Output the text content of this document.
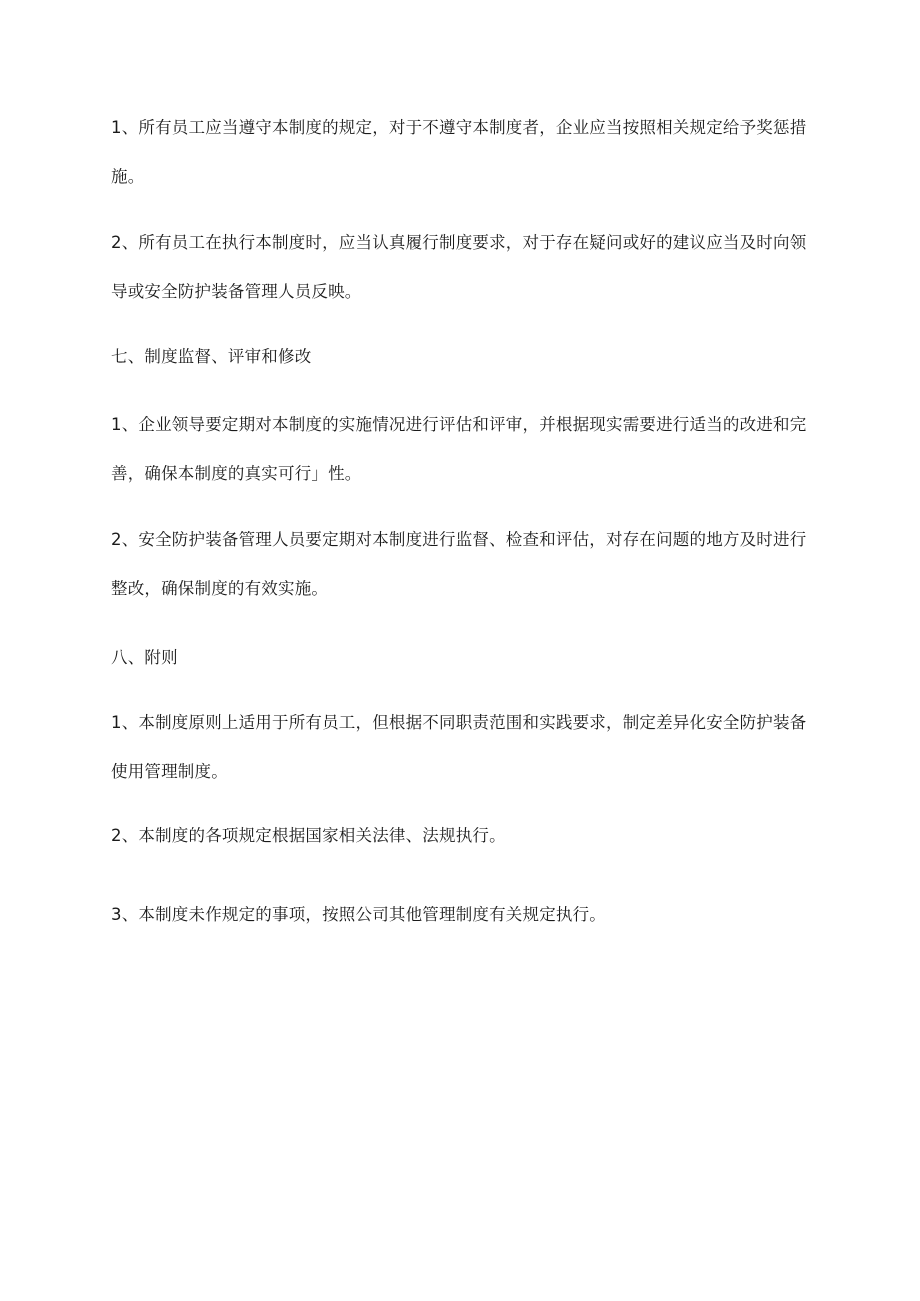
1、所有员工应当遵守本制度的规定，对于不遵守本制度者，企业应当按照相关规定给予奖惩措施。

2、所有员工在执行本制度时，应当认真履行制度要求，对于存在疑问或好的建议应当及时向领导或安全防护装备管理人员反映。

七、制度监督、评审和修改

1、企业领导要定期对本制度的实施情况进行评估和评审，并根据现实需要进行适当的改进和完善，确保本制度的真实可行」性。

2、安全防护装备管理人员要定期对本制度进行监督、检查和评估，对存在问题的地方及时进行整改，确保制度的有效实施。

八、附则

1、本制度原则上适用于所有员工，但根据不同职责范围和实践要求，制定差异化安全防护装备使用管理制度。

2、本制度的各项规定根据国家相关法律、法规执行。

3、本制度未作规定的事项，按照公司其他管理制度有关规定执行。
